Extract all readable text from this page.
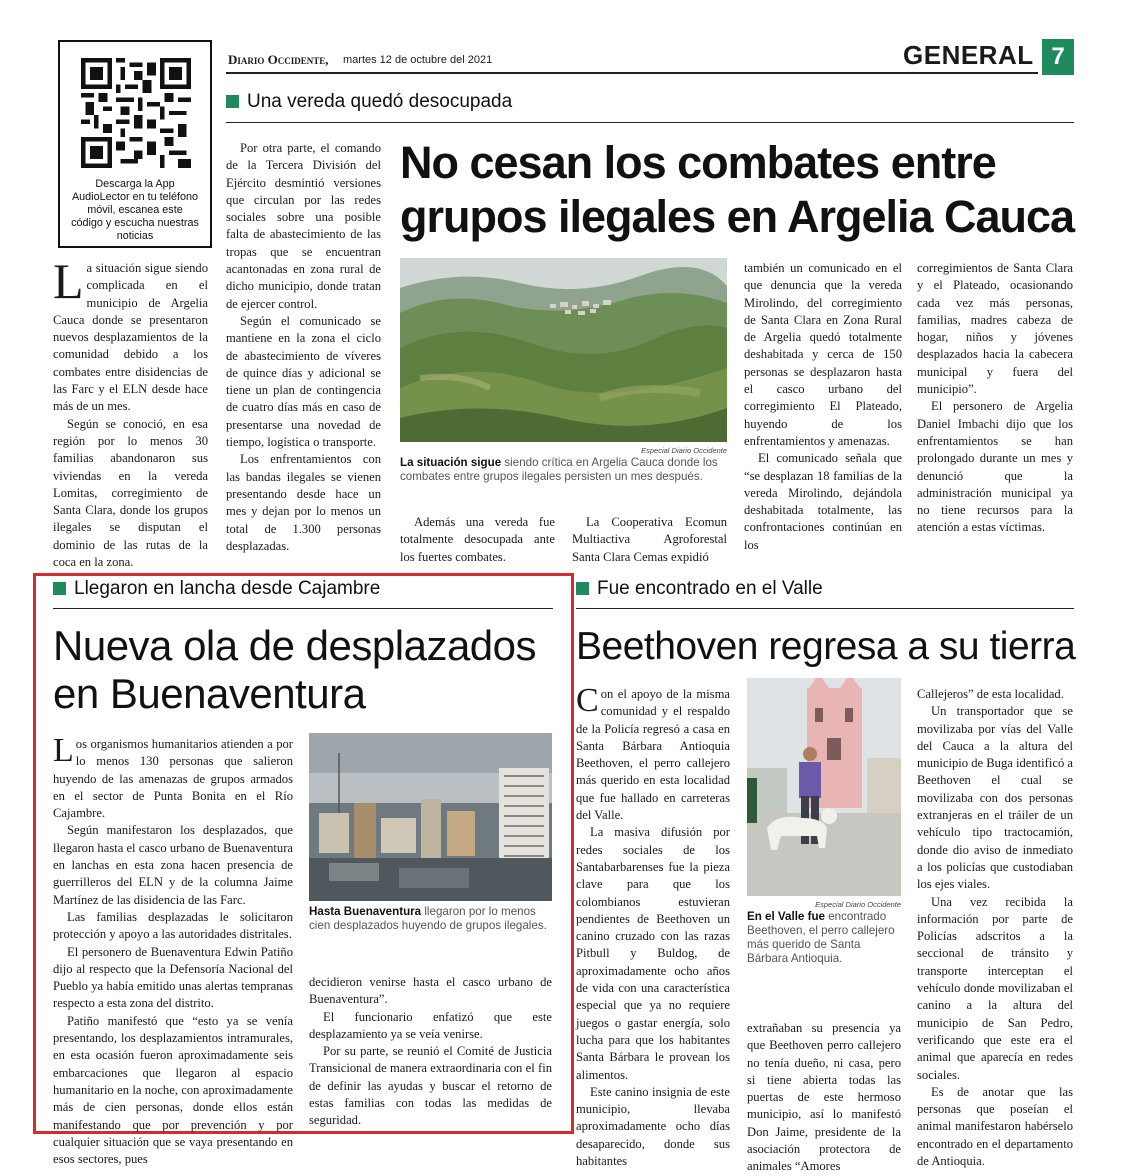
Descarga la App AudioLector en tu teléfono móvil, escanea este código y escucha nuestras noticias
Diario Occidente, martes 12 de octubre del 2021	GENERAL 7
Una vereda quedó desocupada
No cesan los combates entre
grupos ilegales en Argelia Cauca

La situación sigue siendo complicada en el municipio de Argelia Cauca donde se presentaron nuevos desplazamientos de la comunidad debido a los combates entre disidencias de las Farc y el ELN desde hace más de un mes.

Según se conoció, en esa región por lo menos 30 familias abandonaron sus viviendas en la vereda Lomitas, corregimiento de Santa Clara, donde los grupos ilegales se disputan el dominio de las rutas de la coca en la zona.

Por otra parte, el comando de la Tercera División del Ejército desmintió versiones que circulan por las redes sociales sobre una posible falta de abastecimiento de las tropas que se encuentran acantonadas en zona rural de dicho municipio, donde tratan de ejercer control.

Según el comunicado se mantiene en la zona el ciclo de abastecimiento de víveres de quince días y adicional se tiene un plan de contingencia de cuatro días más en caso de presentarse una novedad de tiempo, logística o transporte.

Los enfrentamientos con las bandas ilegales se vienen presentando desde hace un mes y dejan por lo menos un total de 1.300 personas desplazadas.

Especial Diario Occidente
La situación sigue siendo crítica en Argelia Cauca donde los combates entre grupos ilegales persisten un mes después.

Además una vereda fue totalmente desocupada ante los fuertes combates.

La Cooperativa Ecomun Multiactiva Agroforestal Santa Clara Cemas expidió

también un comunicado en el que denuncia que la vereda Mirolindo, del corregimiento de Santa Clara en Zona Rural de Argelia quedó totalmente deshabitada y cerca de 150 personas se desplazaron hasta el casco urbano del corregimiento El Plateado, huyendo de los enfrentamientos y amenazas.

El comunicado señala que “se desplazan 18 familias de la vereda Mirolindo, dejándola deshabitada totalmente, las confrontaciones continúan en los

corregimientos de Santa Clara y el Plateado, ocasionando cada vez más personas, familias, madres cabeza de hogar, niños y jóvenes desplazados hacia la cabecera municipal y fuera del municipio”.

El personero de Argelia Daniel Imbachi dijo que los enfrentamientos se han prolongado durante un mes y denunció que la administración municipal ya no tiene recursos para la atención a estas víctimas.

Llegaron en lancha desde Cajambre
Nueva ola de desplazados
en Buenaventura

Los organismos humanitarios atienden a por lo menos 130 personas que salieron huyendo de las amenazas de grupos armados en el sector de Punta Bonita en el Río Cajambre.

Según manifestaron los desplazados, que llegaron hasta el casco urbano de Buenaventura en lanchas en esta zona hacen presencia de guerrilleros del ELN y de la columna Jaime Martínez de las disidencia de las Farc.

Las familias desplazadas le solicitaron protección y apoyo a las autoridades distritales.

El personero de Buenaventura Edwin Patiño dijo al respecto que la Defensoría Nacional del Pueblo ya había emitido unas alertas tempranas respecto a esta zona del distrito.

Patiño manifestó que “esto ya se venía presentando, los desplazamientos intramurales, en esta ocasión fueron aproximadamente seis embarcaciones que llegaron al espacio humanitario en la noche, con aproximadamente más de cien personas, donde ellos están manifestando que por prevención y por cualquier situación que se vaya presentando en esos sectores, pues

Hasta Buenaventura llegaron por lo menos cien desplazados huyendo de grupos ilegales.

decidieron venirse hasta el casco urbano de Buenaventura”.

El funcionario enfatizó que este desplazamiento ya se veía venirse.

Por su parte, se reunió el Comité de Justicia Transicional de manera extraordinaria con el fin de definir las ayudas y buscar el retorno de estas familias con todas las medidas de seguridad.

Fue encontrado en el Valle
Beethoven regresa a su tierra

Con el apoyo de la misma comunidad y el respaldo de la Policía regresó a casa en Santa Bárbara Antioquia Beethoven, el perro callejero más querido en esta localidad que fue hallado en carreteras del Valle.

La masiva difusión por redes sociales de los Santabarbarenses fue la pieza clave para que los colombianos estuvieran pendientes de Beethoven un canino cruzado con las razas Pitbull y Buldog, de aproximadamente ocho años de vida con una característica especial que ya no requiere juegos o gastar energía, solo lucha para que los habitantes Santa Bárbara le provean los alimentos.

Este canino insignia de este municipio, llevaba aproximadamente ocho días desaparecido, donde sus habitantes

Especial Diario Occidente
En el Valle fue encontrado Beethoven, el perro callejero más querido de Santa Bárbara Antioquia.

extrañaban su presencia ya que Beethoven perro callejero no tenía dueño, ni casa, pero si tiene abierta todas las puertas de este hermoso municipio, así lo manifestó Don Jaime, presidente de la asociación protectora de animales “Amores

Callejeros” de esta localidad.

Un transportador que se movilizaba por vías del Valle del Cauca a la altura del municipio de Buga identificó a Beethoven el cual se movilizaba con dos personas extranjeras en el tráiler de un vehículo tipo tractocamión, donde dio aviso de inmediato a los policías que custodiaban los ejes viales.

Una vez recibida la información por parte de Policías adscritos a la seccional de tránsito y transporte interceptan el vehículo donde movilizaban el canino a la altura del municipio de San Pedro, verificando que este era el animal que aparecía en redes sociales.

Es de anotar que las personas que poseían el animal manifestaron habérselo encontrado en el departamento de Antioquia.
